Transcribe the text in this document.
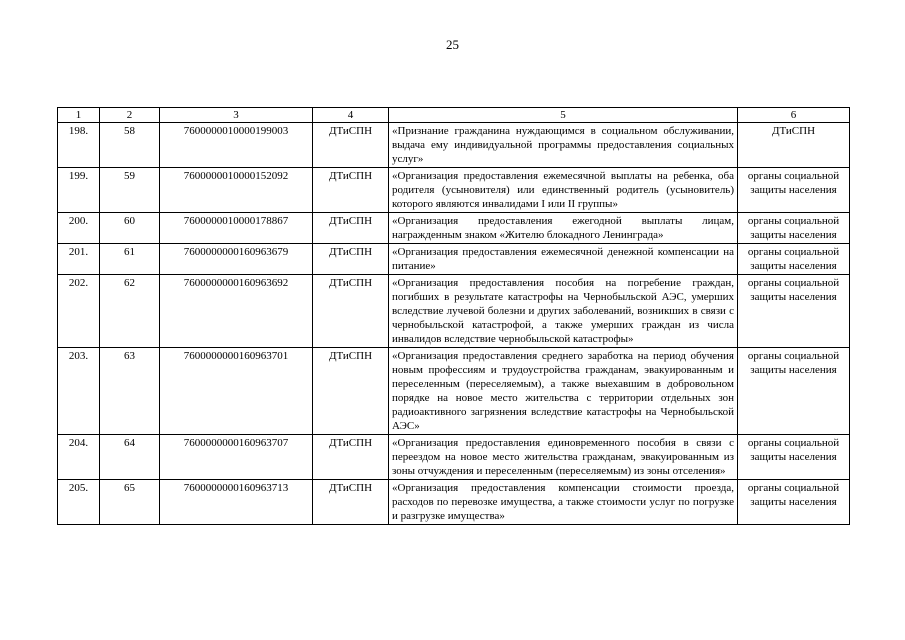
25
1	2	3	4	5	6
198.	58	7600000010000199003	ДТиСПН	«Признание гражданина нуждающимся в социальном обслуживании, выдача ему индивидуальной программы предоставления социальных услуг»	ДТиСПН
199.	59	7600000010000152092	ДТиСПН	«Организация предоставления ежемесячной выплаты на ребенка, оба родителя (усыновителя) или единственный родитель (усыновитель) которого являются инвалидами I или II группы»	органы социальной защиты населения
200.	60	7600000010000178867	ДТиСПН	«Организация предоставления ежегодной выплаты лицам, награжденным знаком «Жителю блокадного Ленинграда»	органы социальной защиты населения
201.	61	7600000000160963679	ДТиСПН	«Организация предоставления ежемесячной денежной компенсации на питание»	органы социальной защиты населения
202.	62	7600000000160963692	ДТиСПН	«Организация предоставления пособия на погребение граждан, погибших в результате катастрофы на Чернобыльской АЭС, умерших вследствие лучевой болезни и других заболеваний, возникших в связи с чернобыльской катастрофой, а также умерших граждан из числа инвалидов вследствие чернобыльской катастрофы»	органы социальной защиты населения
203.	63	7600000000160963701	ДТиСПН	«Организация предоставления среднего заработка на период обучения новым профессиям и трудоустройства гражданам, эвакуированным и переселенным (переселяемым), а также выехавшим в добровольном порядке на новое место жительства с территории отдельных зон радиоактивного загрязнения вследствие катастрофы на Чернобыльской АЭС»	органы социальной защиты населения
204.	64	7600000000160963707	ДТиСПН	«Организация предоставления единовременного пособия в связи с переездом на новое место жительства гражданам, эвакуированным из зоны отчуждения и переселенным (переселяемым) из зоны отселения»	органы социальной защиты населения
205.	65	7600000000160963713	ДТиСПН	«Организация предоставления компенсации стоимости проезда, расходов по перевозке имущества, а также стоимости услуг по погрузке и разгрузке имущества»	органы социальной защиты населения
